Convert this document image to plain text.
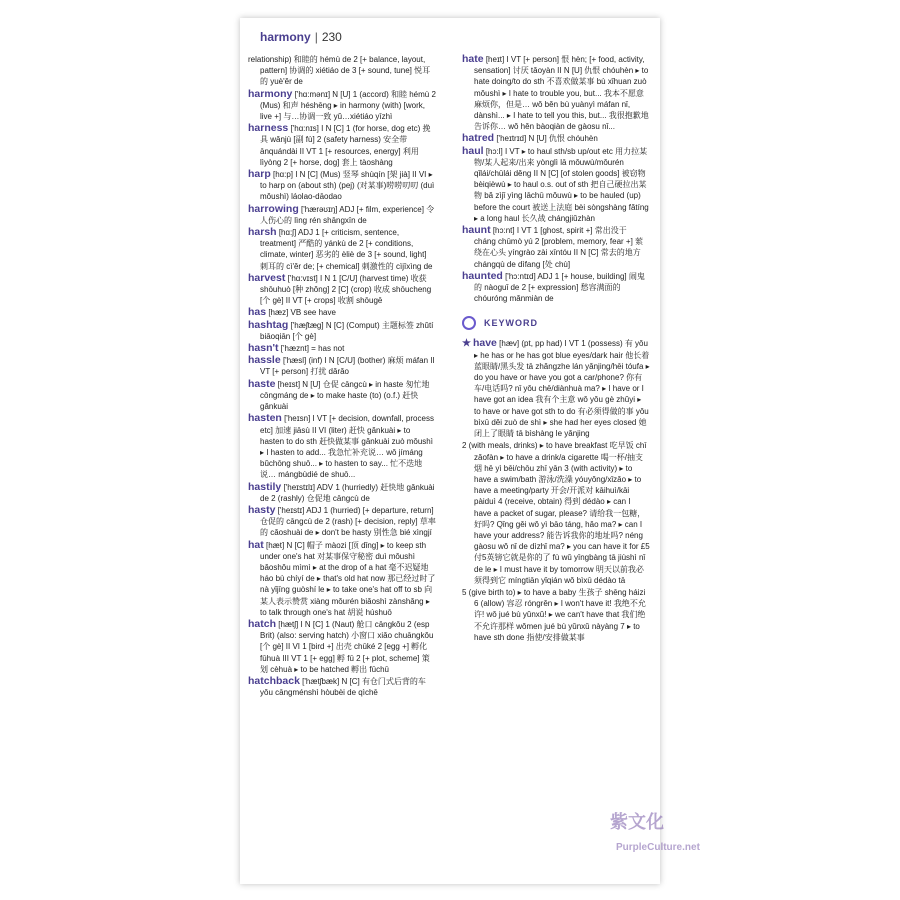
harmony | 230
relationship) 和睦的 hémù de 2 [+ balance, layout, pattern] 协调的 xiétiáo de 3 [+ sound, tune] 悦耳的 yuè'ěr de
harmony ['hɑ:mənɪ] N [U] 1 (accord) 和睦 hémù 2 (Mus) 和声 héshēng ▸ in harmony (with) [work, live +] 与…协调一致 yǔ…xiétiáo yīzhì
harness ['hɑ:nɪs] I N [C] 1 (for horse, dog etc) 挽具 wǎnjù [副 fù] 2 (safety harness) 安全带 ānquándài II VT 1 [+ resources, energy] 利用 lìyòng 2 [+ horse, dog] 套上 tàoshàng
harp [hɑ:p] I N [C] (Mus) 竖琴 shùqín [架 jià] II VI ▸ to harp on (about sth) (pej) (对某事)唠唠叨叨 (duì mǒushì) láolao-dāodao
harrowing ['hærəʊɪŋ] ADJ [+ film, experience] 令人伤心的 lìng rén shāngxīn de
harsh [hɑ:ʃ] ADJ 1 [+ criticism, sentence, treatment] 严酷的 yánkù de 2 [+ conditions, climate, winter] 恶劣的 èliè de 3 [+ sound, light] 刺耳的 cì'ěr de; [+ chemical] 刺激性的 cìjīxìng de
harvest ['hɑ:vɪst] I N 1 [C/U] (harvest time) 收获 shōuhuò [种 zhǒng] 2 [C] (crop) 收成 shōucheng [个 gè] II VT [+ crops] 收割 shōugē
has [hæz] VB see have
hashtag ['hæʃtæg] N [C] (Comput) 主题标签 zhǔtí biāoqiān [个 gè]
hasn't ['hæznt] = has not
hassle ['hæsl] (inf) I N [C/U] (bother) 麻烦 máfan II VT [+ person] 打扰 dǎrǎo
haste [heɪst] N [U] 仓促 cāngcù ▸ in haste 匆忙地 cōngmáng de ▸ to make haste (to) (o.f.) 赶快 gǎnkuài
hasten ['heɪsn] I VT [+ decision, downfall, process etc] 加速 jiāsù II VI (liter) 赶快 gǎnkuài ▸ to hasten to do sth 赶快做某事 gǎnkuài zuò mǒushì ▸ I hasten to add... 我急忙补充说… wǒ jímáng bǔchōng shuō... ▸ to hasten to say... 忙不迭地说… mángbùdié de shuō...
hastily ['heɪstɪlɪ] ADV 1 (hurriedly) 赶快地 gǎnkuài de 2 (rashly) 仓促地 cāngcù de
hasty ['heɪstɪ] ADJ 1 (hurried) [+ departure, return] 仓促的 cāngcù de 2 (rash) [+ decision, reply] 草率的 cǎoshuài de ▸ don't be hasty 别性急 bié xìngjí
hat [hæt] N [C] 帽子 màozi [顶 dǐng] ▸ to keep sth under one's hat 对某事保守秘密 duì mǒushì bǎoshǒu mìmì ▸ at the drop of a hat 毫不迟疑地 háo bù chíyí de ▸ that's old hat now 那已经过时了 nà yǐjīng guòshí le ▸ to take one's hat off to sb 向某人表示赞赏 xiàng mǒurén biǎoshì zànshǎng ▸ to talk through one's hat 胡说 húshuō
hatch [hætʃ] I N [C] 1 (Naut) 舱口 cāngkǒu 2 (esp Brit) (also: serving hatch) 小窗口 xiǎo chuāngkǒu [个 gè] II VI 1 [bird +] 出壳 chūké 2 [egg +] 孵化 fūhuà III VT 1 [+ egg] 孵 fū 2 [+ plot, scheme] 策划 cèhuà ▸ to be hatched 孵出 fūchū
hatchback ['hætʃbæk] N [C] 有仓门式后背的车 yǒu cāngménshì hòubèi de qìchē
hate [heɪt] I VT [+ person] 恨 hèn; [+ food, activity, sensation] 讨厌 tǎoyàn II N [U] 仇恨 chóuhèn ▸ to hate doing/to do sth 不喜欢做某事 bù xǐhuan zuò mǒushì ▸ I hate to trouble you, but... 我本不愿意麻烦你，但是… wǒ běn bù yuànyì máfan nǐ, dànshì... ▸ I hate to tell you this, but... 我很抱歉地告诉你… wǒ hěn bàoqiàn de gàosu nǐ...
hatred ['heɪtrɪd] N [U] 仇恨 chóuhèn
haul [hɔ:l] I VT ▸ to haul sth/sb up/out etc 用力拉某物/某人起来/出来 yònglì lā mǒuwù/mǒurén qǐlái/chūlái děng II N [C] [of stolen goods] 被窃物 bèiqièwù ▸ to haul o.s. out of sth 把自己硬拉出某物 bǎ zìjǐ yìng lāchū mǒuwù ▸ to be hauled (up) before the court 被送上法庭 bèi sòngshàng fǎtíng ▸ a long haul 长久战 chángjiǔzhàn
haunt [hɔ:nt] I VT 1 [ghost, spirit +] 常出没于 cháng chūmò yú 2 [problem, memory, fear +] 萦绕在心头 yíngrào zài xīntóu II N [C] 常去的地方 chángqù de dìfang [处 chù]
haunted ['hɔ:ntɪd] ADJ 1 [+ house, building] 闹鬼的 nàoguǐ de 2 [+ expression] 愁容满面的 chóuróng mǎnmiàn de
KEYWORD
★ have [hæv] (pt, pp had) I VT 1 (possess) 有 yǒu ▸ he has or he has got blue eyes/dark hair 他长着蓝眼睛/黑头发 tā zhǎngzhe lán yǎnjing/hēi tóufa ▸ do you have or have you got a car/phone? 你有车/电话吗? nǐ yǒu chē/diànhuà ma? ▸ I have or I have got an idea 我有个主意 wǒ yǒu gè zhǔyi ▸ to have or have got sth to do 有必须得做的事 yǒu bìxū děi zuò de shì ▸ she had her eyes closed 她闭上了眼睛 tā bìshàng le yǎnjing
2 (with meals, drinks) ▸ to have breakfast 吃早饭 chī zǎofàn ▸ to have a drink/a cigarette 喝一杯/抽支烟 hē yì bēi/chōu zhī yān 3 (with activity) ▸ to have a swim/bath 游泳/洗澡 yóuyǒng/xǐzǎo ▸ to have a meeting/party 开会/开派对 kāihuì/kāi pàiduì 4 (receive, obtain) 得到 dédào ▸ can I have a packet of sugar, please? 请给我一包糖，好吗? Qǐng gěi wǒ yì bāo táng, hǎo ma? ▸ can I have your address? 能告诉我你的地址吗? néng gàosu wǒ nǐ de dìzhǐ ma? ▸ you can have it for £5 付5英镑它就是你的了 fù wǔ yīngbàng tā jiùshì nǐ de le ▸ I must have it by tomorrow 明天以前我必须得到它 míngtiān yǐqián wǒ bìxū dédào tā
5 (give birth to) ▸ to have a baby 生孩子 shēng háizi 6 (allow) 容忍 róngrěn ▸ I won't have it! 我绝不允许! wǒ jué bù yǔnxǔ! ▸ we can't have that 我们绝不允许那样 wǒmen jué bù yǔnxǔ nàyàng 7 ▸ to have sth done 指使/安排做某事
紫文化PurpleCulture.net
